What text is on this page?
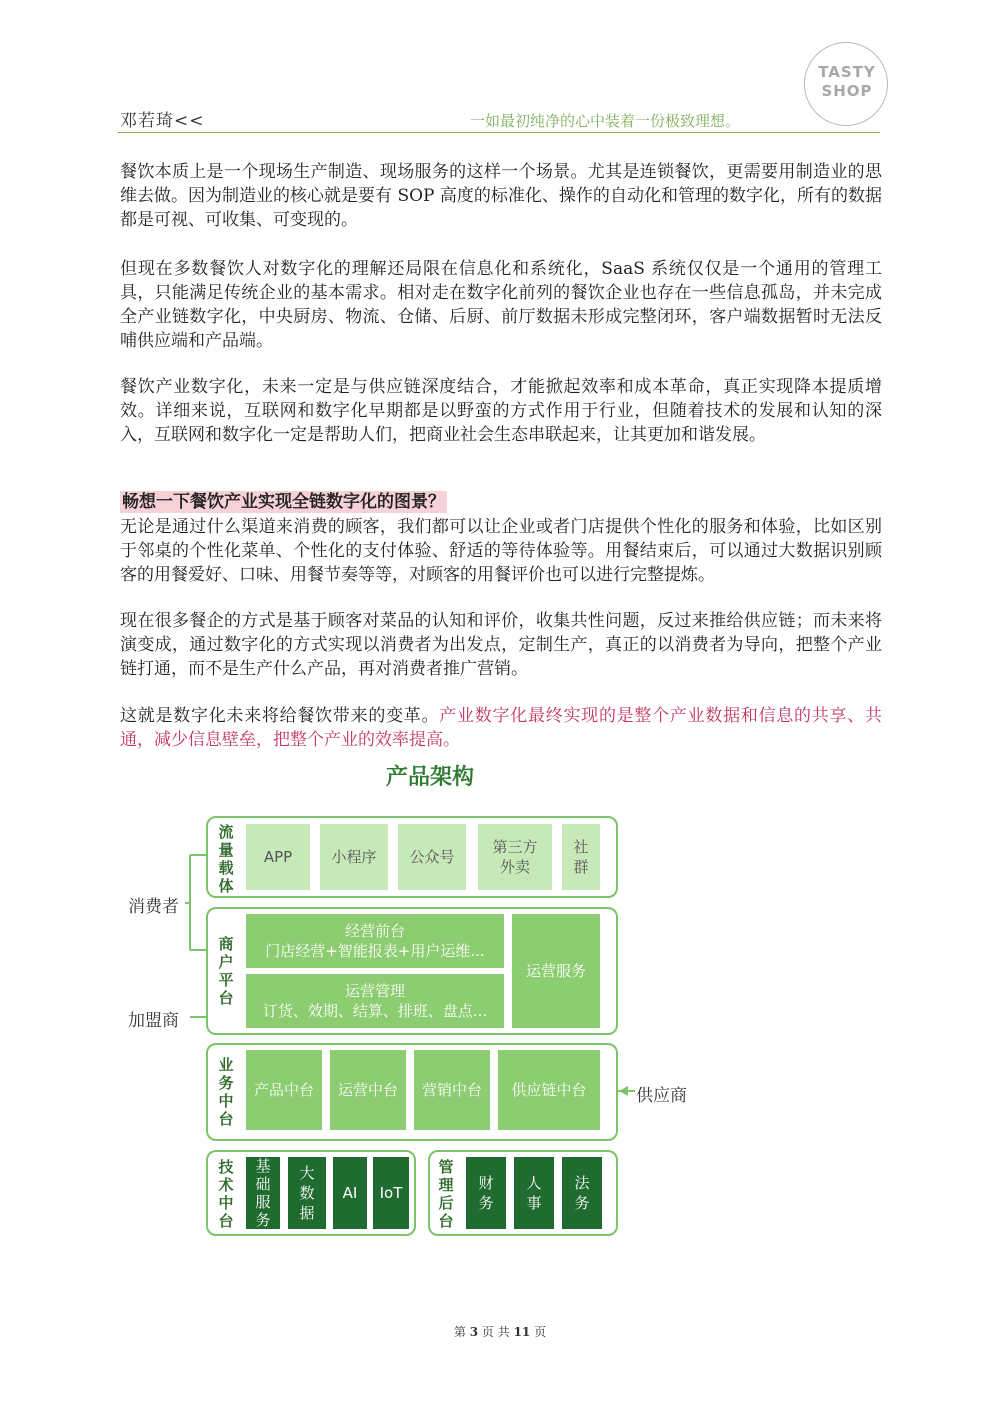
邓若琦<<	一如最初纯净的心中装着一份极致理想。
TASTY
SHOP

餐饮本质上是一个现场生产制造、现场服务的这样一个场景。尤其是连锁餐饮，更需要用制造业的思维去做。因为制造业的核心就是要有 SOP 高度的标准化、操作的自动化和管理的数字化，所有的数据都是可视、可收集、可变现的。

但现在多数餐饮人对数字化的理解还局限在信息化和系统化，SaaS 系统仅仅是一个通用的管理工具，只能满足传统企业的基本需求。相对走在数字化前列的餐饮企业也存在一些信息孤岛，并未完成全产业链数字化，中央厨房、物流、仓储、后厨、前厅数据未形成完整闭环，客户端数据暂时无法反哺供应端和产品端。

餐饮产业数字化，未来一定是与供应链深度结合，才能掀起效率和成本革命，真正实现降本提质增效。详细来说，互联网和数字化早期都是以野蛮的方式作用于行业，但随着技术的发展和认知的深入，互联网和数字化一定是帮助人们，把商业社会生态串联起来，让其更加和谐发展。

畅想一下餐饮产业实现全链数字化的图景？

无论是通过什么渠道来消费的顾客，我们都可以让企业或者门店提供个性化的服务和体验，比如区别于邻桌的个性化菜单、个性化的支付体验、舒适的等待体验等。用餐结束后，可以通过大数据识别顾客的用餐爱好、口味、用餐节奏等等，对顾客的用餐评价也可以进行完整提炼。

现在很多餐企的方式是基于顾客对菜品的认知和评价，收集共性问题，反过来推给供应链；而未来将演变成，通过数字化的方式实现以消费者为出发点，定制生产，真正的以消费者为导向，把整个产业链打通，而不是生产什么产品，再对消费者推广营销。

这就是数字化未来将给餐饮带来的变革。产业数字化最终实现的是整个产业数据和信息的共享、共通，减少信息壁垒，把整个产业的效率提高。

产品架构
消费者
加盟商
供应商
流量载体
APP	小程序	公众号
第三方外卖
社群
商户平台
经营前台
门店经营+智能报表+用户运维...
运营管理
订货、效期、结算、排班、盘点...
运营服务
业务中台
产品中台	运营中台	营销中台	供应链中台
技术中台
基础服务
大数据
AI	IoT
管理后台
财务
人事
法务
第 3 页 共 11 页
